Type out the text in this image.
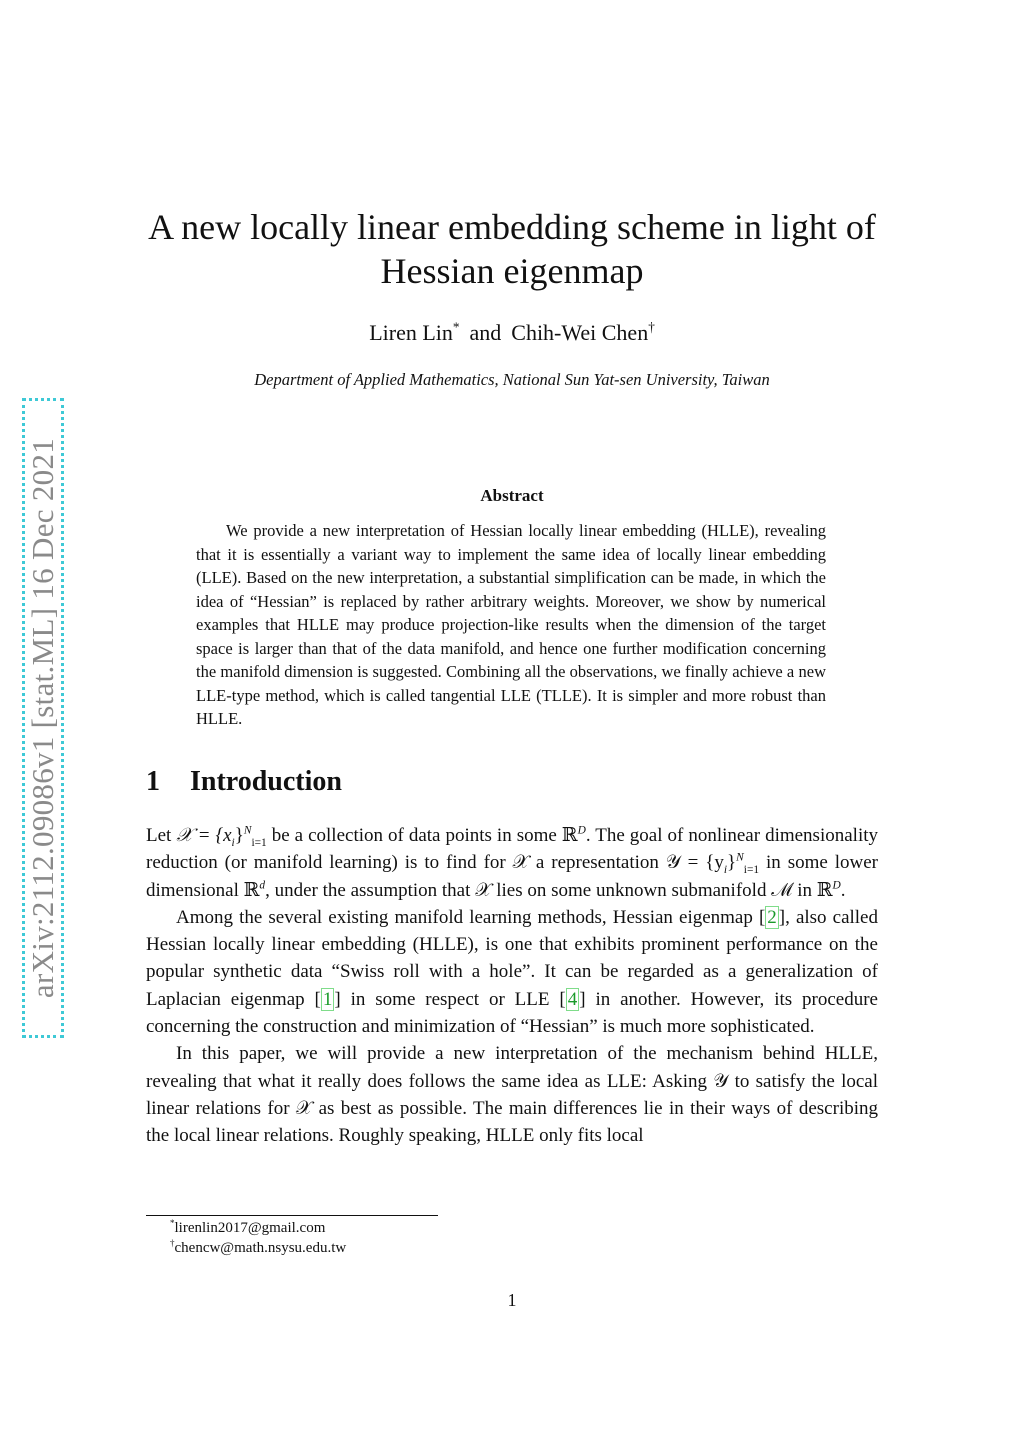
arXiv:2112.09086v1 [stat.ML] 16 Dec 2021
A new locally linear embedding scheme in light of Hessian eigenmap
Liren Lin* and Chih-Wei Chen†
Department of Applied Mathematics, National Sun Yat-sen University, Taiwan
Abstract

We provide a new interpretation of Hessian locally linear embedding (HLLE), revealing that it is essentially a variant way to implement the same idea of locally linear embedding (LLE). Based on the new interpretation, a substantial simplification can be made, in which the idea of “Hessian” is replaced by rather arbitrary weights. Moreover, we show by numerical examples that HLLE may produce projection-like results when the dimension of the target space is larger than that of the data manifold, and hence one further modification concerning the manifold dimension is suggested. Combining all the observations, we finally achieve a new LLE-type method, which is called tangential LLE (TLLE). It is simpler and more robust than HLLE.

1 Introduction

Let 𝒳 = $\{x_i\}^N_{i=1}$ be a collection of data points in some ℝ$^D$. The goal of nonlinear dimensionality reduction (or manifold learning) is to find for 𝒳 a representation 𝒴 = $\{y_i\}^N_{i=1}$ in some lower dimensional ℝ$^d$, under the assumption that 𝒳 lies on some unknown submanifold ℳ in ℝ$^D$.

Among the several existing manifold learning methods, Hessian eigenmap [ 2 ], also called Hessian locally linear embedding (HLLE), is one that exhibits prominent performance on the popular synthetic data “Swiss roll with a hole”. It can be regarded as a generalization of Laplacian eigenmap [ 1 ] in some respect or LLE [ 4 ] in another. However, its procedure concerning the construction and minimization of “Hessian” is much more sophisticated.

In this paper, we will provide a new interpretation of the mechanism behind HLLE, revealing that what it really does follows the same idea as LLE: Asking 𝒴 to satisfy the local linear relations for 𝒳 as best as possible. The main differences lie in their ways of describing the local linear relations. Roughly speaking, HLLE only fits local

*lirenlin2017@gmail.com
†chencw@math.nsysu.edu.tw
1
